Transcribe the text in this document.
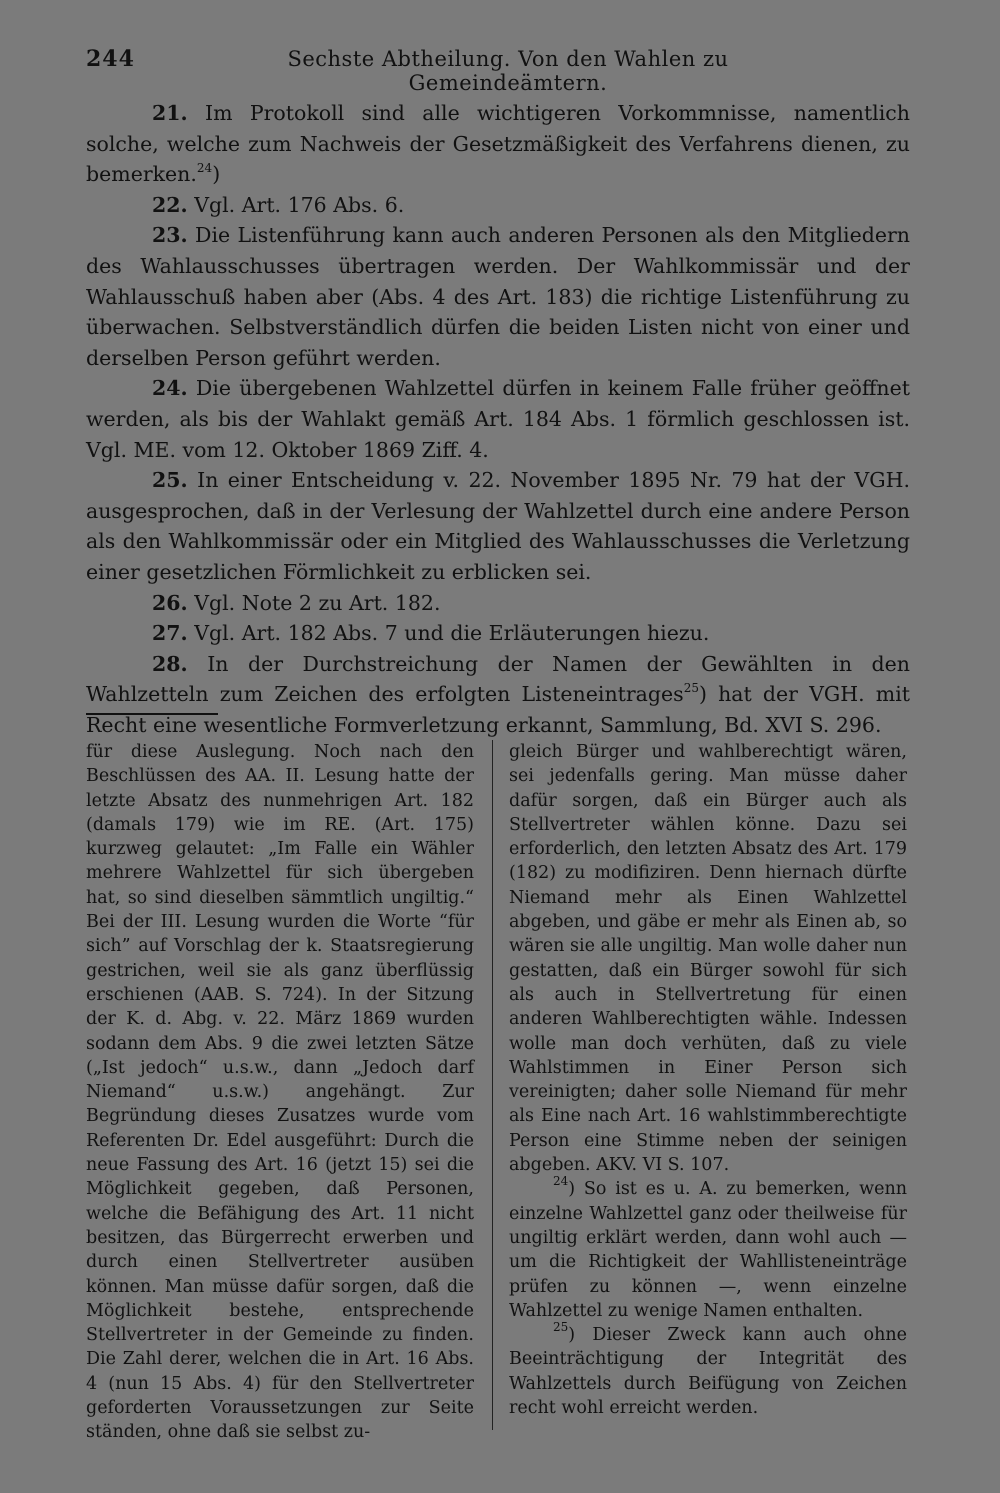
244	Sechste Abtheilung. Von den Wahlen zu Gemeindeämtern.

21. Im Protokoll sind alle wichtigeren Vorkommnisse, namentlich solche, welche zum Nachweis der Gesetzmäßigkeit des Verfahrens dienen, zu bemerken.$^{24}$)

22. Vgl. Art. 176 Abs. 6.

23. Die Listenführung kann auch anderen Personen als den Mitgliedern des Wahlausschusses übertragen werden. Der Wahlkommissär und der Wahlausschuß haben aber (Abs. 4 des Art. 183) die richtige Listenführung zu überwachen. Selbstverständlich dürfen die beiden Listen nicht von einer und derselben Person geführt werden.

24. Die übergebenen Wahlzettel dürfen in keinem Falle früher geöffnet werden, als bis der Wahlakt gemäß Art. 184 Abs. 1 förmlich geschlossen ist. Vgl. ME. vom 12. Oktober 1869 Ziff. 4.

25. In einer Entscheidung v. 22. November 1895 Nr. 79 hat der VGH. ausgesprochen, daß in der Verlesung der Wahlzettel durch eine andere Person als den Wahlkommissär oder ein Mitglied des Wahlausschusses die Verletzung einer gesetzlichen Förmlichkeit zu erblicken sei.

26. Vgl. Note 2 zu Art. 182.

27. Vgl. Art. 182 Abs. 7 und die Erläuterungen hiezu.

28. In der Durchstreichung der Namen der Gewählten in den Wahlzetteln zum Zeichen des erfolgten Listeneintrages$^{25}$) hat der VGH. mit Recht eine wesentliche Formverletzung erkannt, Sammlung, Bd. XVI S. 296.

für diese Auslegung. Noch nach den Beschlüssen des AA. II. Lesung hatte der letzte Absatz des nunmehrigen Art. 182 (damals 179) wie im RE. (Art. 175) kurzweg gelautet: „Im Falle ein Wähler mehrere Wahlzettel für sich übergeben hat, so sind dieselben sämmtlich ungiltig.“ Bei der III. Lesung wurden die Worte “für sich” auf Vorschlag der k. Staatsregierung gestrichen, weil sie als ganz überflüssig erschienen (AAB. S. 724). In der Sitzung der K. d. Abg. v. 22. März 1869 wurden sodann dem Abs. 9 die zwei letzten Sätze („Ist jedoch“ u.s.w., dann „Jedoch darf Niemand“ u.s.w.) angehängt. Zur Begründung dieses Zusatzes wurde vom Referenten Dr. Edel ausgeführt: Durch die neue Fassung des Art. 16 (jetzt 15) sei die Möglichkeit gegeben, daß Personen, welche die Befähigung des Art. 11 nicht besitzen, das Bürgerrecht erwerben und durch einen Stellvertreter ausüben können. Man müsse dafür sorgen, daß die Möglichkeit bestehe, entsprechende Stellvertreter in der Gemeinde zu finden. Die Zahl derer, welchen die in Art. 16 Abs. 4 (nun 15 Abs. 4) für den Stellvertreter geforderten Voraussetzungen zur Seite ständen, ohne daß sie selbst zu-

gleich Bürger und wahlberechtigt wären, sei jedenfalls gering. Man müsse daher dafür sorgen, daß ein Bürger auch als Stellvertreter wählen könne. Dazu sei erforderlich, den letzten Absatz des Art. 179 (182) zu modifiziren. Denn hiernach dürfte Niemand mehr als Einen Wahlzettel abgeben, und gäbe er mehr als Einen ab, so wären sie alle ungiltig. Man wolle daher nun gestatten, daß ein Bürger sowohl für sich als auch in Stellvertretung für einen anderen Wahlberechtigten wähle. Indessen wolle man doch verhüten, daß zu viele Wahlstimmen in Einer Person sich vereinigten; daher solle Niemand für mehr als Eine nach Art. 16 wahlstimmberechtigte Person eine Stimme neben der seinigen abgeben. AKV. VI S. 107.

$^{24}$) So ist es u. A. zu bemerken, wenn einzelne Wahlzettel ganz oder theilweise für ungiltig erklärt werden, dann wohl auch — um die Richtigkeit der Wahllisteneinträge prüfen zu können —, wenn einzelne Wahlzettel zu wenige Namen enthalten.

$^{25}$) Dieser Zweck kann auch ohne Beeinträchtigung der Integrität des Wahlzettels durch Beifügung von Zeichen recht wohl erreicht werden.
